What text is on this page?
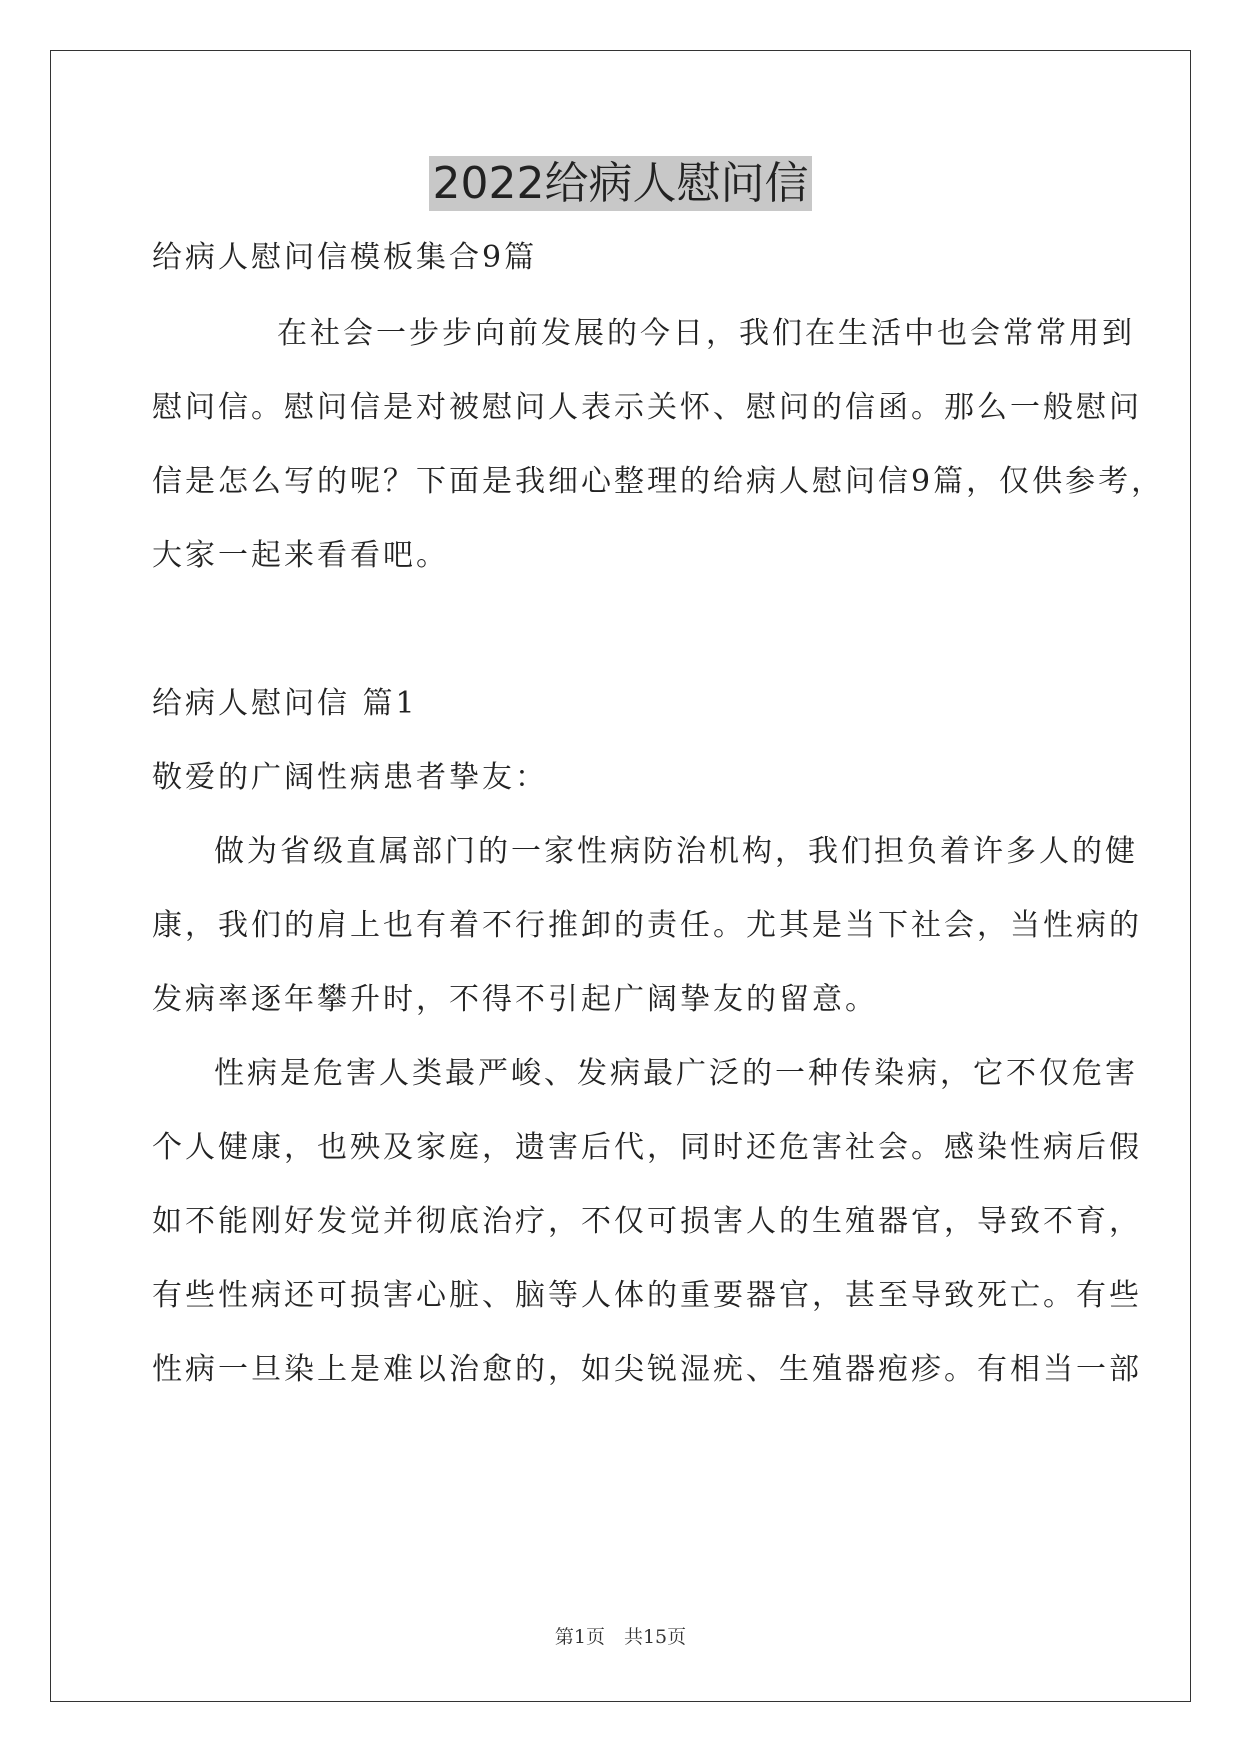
2022给病人慰问信
给病人慰问信模板集合9篇
在社会一步步向前发展的今日，我们在生活中也会常常用到
慰问信。慰问信是对被慰问人表示关怀、慰问的信函。那么一般慰问
信是怎么写的呢？下面是我细心整理的给病人慰问信9篇，仅供参考，
大家一起来看看吧。
给病人慰问信 篇1
敬爱的广阔性病患者挚友：
做为省级直属部门的一家性病防治机构，我们担负着许多人的健
康，我们的肩上也有着不行推卸的责任。尤其是当下社会，当性病的
发病率逐年攀升时，不得不引起广阔挚友的留意。
性病是危害人类最严峻、发病最广泛的一种传染病，它不仅危害
个人健康，也殃及家庭，遗害后代，同时还危害社会。感染性病后假
如不能刚好发觉并彻底治疗，不仅可损害人的生殖器官，导致不育，
有些性病还可损害心脏、脑等人体的重要器官，甚至导致死亡。有些
性病一旦染上是难以治愈的，如尖锐湿疣、生殖器疱疹。有相当一部
第1页　共15页
